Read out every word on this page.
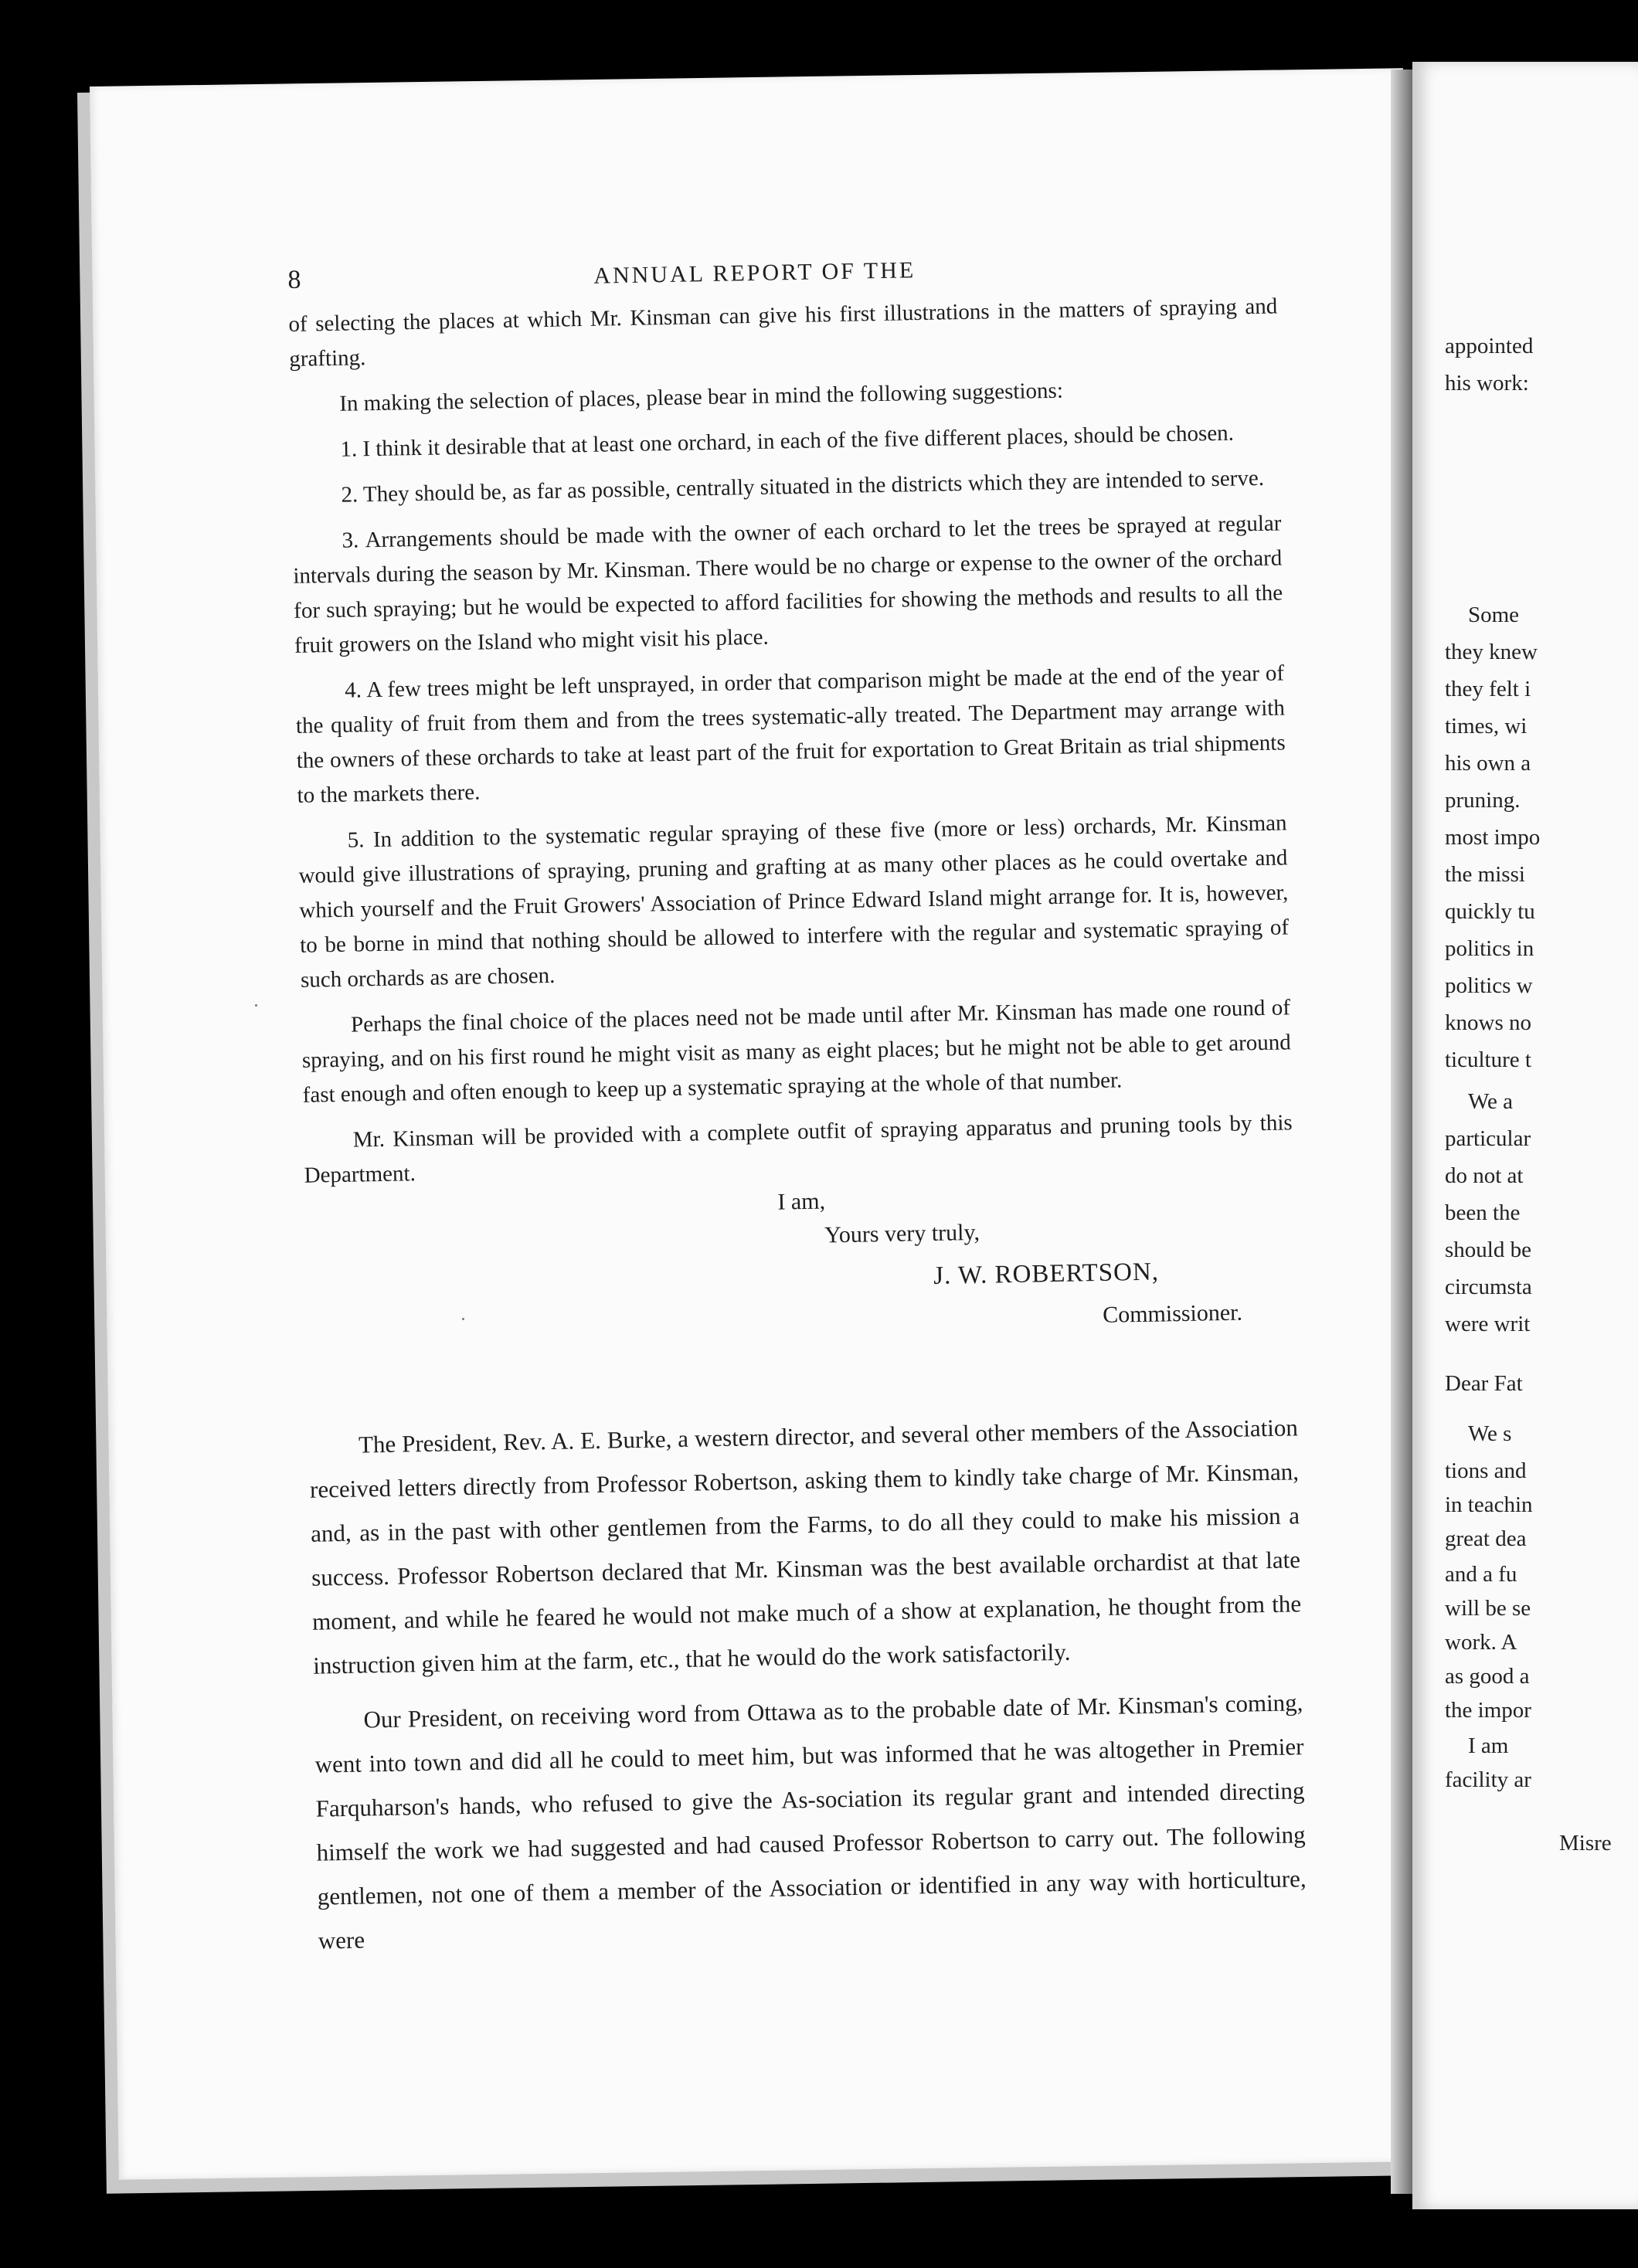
8	ANNUAL REPORT OF THE

of selecting the places at which Mr. Kinsman can give his first illustrations in the matters of spraying and grafting.

In making the selection of places, please bear in mind the following suggestions:

1. I think it desirable that at least one orchard, in each of the five different places, should be chosen.

2. They should be, as far as possible, centrally situated in the districts which they are intended to serve.

3. Arrangements should be made with the owner of each orchard to let the trees be sprayed at regular intervals during the season by Mr. Kinsman. There would be no charge or expense to the owner of the orchard for such spraying; but he would be expected to afford facilities for showing the methods and results to all the fruit growers on the Island who might visit his place.

4. A few trees might be left unsprayed, in order that comparison might be made at the end of the year of the quality of fruit from them and from the trees systematic-ally treated. The Department may arrange with the owners of these orchards to take at least part of the fruit for exportation to Great Britain as trial shipments to the markets there.

5. In addition to the systematic regular spraying of these five (more or less) orchards, Mr. Kinsman would give illustrations of spraying, pruning and grafting at as many other places as he could overtake and which yourself and the Fruit Growers' Association of Prince Edward Island might arrange for. It is, however, to be borne in mind that nothing should be allowed to interfere with the regular and systematic spraying of such orchards as are chosen.

Perhaps the final choice of the places need not be made until after Mr. Kinsman has made one round of spraying, and on his first round he might visit as many as eight places; but he might not be able to get around fast enough and often enough to keep up a systematic spraying at the whole of that number.

Mr. Kinsman will be provided with a complete outfit of spraying apparatus and pruning tools by this Department.

I am,
Yours very truly,
J. W. ROBERTSON,
Commissioner.

The President, Rev. A. E. Burke, a western director, and several other members of the Association received letters directly from Professor Robertson, asking them to kindly take charge of Mr. Kinsman, and, as in the past with other gentlemen from the Farms, to do all they could to make his mission a success. Professor Robertson declared that Mr. Kinsman was the best available orchardist at that late moment, and while he feared he would not make much of a show at explanation, he thought from the instruction given him at the farm, etc., that he would do the work satisfactorily.

Our President, on receiving word from Ottawa as to the probable date of Mr. Kinsman's coming, went into town and did all he could to meet him, but was informed that he was altogether in Premier Farquharson's hands, who refused to give the As-sociation its regular grant and intended directing himself the work we had suggested and had caused Professor Robertson to carry out. The following gentlemen, not one of them a member of the Association or identified in any way with horticulture, were

appointed
his work:
Some
they knew
they felt i
times, wi
his own a
pruning.
most impo
the missi
quickly tu
politics in
politics w
knows no
ticulture t
We a
particular
do not at
been the
should be
circumsta
were writ
Dear Fat
We s
tions and
in teachin
great dea
and a fu
will be se
work. A
as good a
the impor
I am
facility ar
Misre
